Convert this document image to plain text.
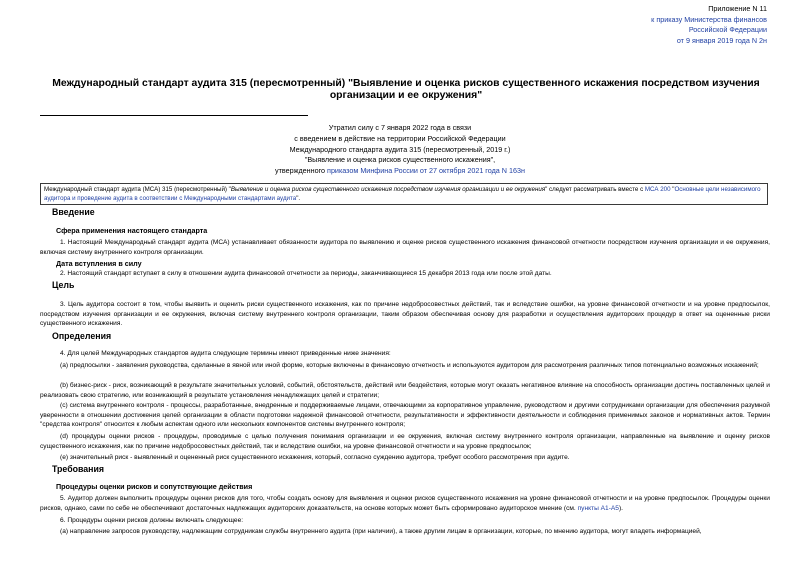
Приложение N 11
к приказу Министерства финансов
Российской Федерации
от 9 января 2019 года N 2н
Международный стандарт аудита 315 (пересмотренный) "Выявление и оценка рисков существенного искажения посредством изучения организации и ее окружения"
Утратил силу с 7 января 2022 года в связи
с введением в действие на территории Российской Федерации
Международного стандарта аудита 315 (пересмотренный, 2019 г.)
"Выявление и оценка рисков существенного искажения",
утвержденного приказом Минфина России от 27 октября 2021 года N 163н
Международный стандарт аудита (МСА) 315 (пересмотренный) "Выявление и оценка рисков существенного искажения посредством изучения организации и ее окружения" следует рассматривать вместе с МСА 200 "Основные цели независимого аудитора и проведение аудита в соответствии с Международными стандартами аудита".
Введение
Сфера применения настоящего стандарта
1. Настоящий Международный стандарт аудита (МСА) устанавливает обязанности аудитора по выявлению и оценке рисков существенного искажения финансовой отчетности посредством изучения организации и ее окружения, включая систему внутреннего контроля организации.
Дата вступления в силу
2. Настоящий стандарт вступает в силу в отношении аудита финансовой отчетности за периоды, заканчивающиеся 15 декабря 2013 года или после этой даты.
Цель
3. Цель аудитора состоит в том, чтобы выявить и оценить риски существенного искажения, как по причине недобросовестных действий, так и вследствие ошибки, на уровне финансовой отчетности и на уровне предпосылок, посредством изучения организации и ее окружения, включая систему внутреннего контроля организации, таким образом обеспечивая основу для разработки и осуществления аудиторских процедур в ответ на оцененные риски существенного искажения.
Определения
4. Для целей Международных стандартов аудита следующие термины имеют приведенные ниже значения:
(a) предпосылки - заявления руководства, сделанные в явной или иной форме, которые включены в финансовую отчетность и используются аудитором для рассмотрения различных типов потенциально возможных искажений;
(b) бизнес-риск - риск, возникающий в результате значительных условий, событий, обстоятельств, действий или бездействия, которые могут оказать негативное влияние на способность организации достичь поставленных целей и реализовать свою стратегию, или возникающий в результате установления ненадлежащих целей и стратегии;
(c) система внутреннего контроля - процессы, разработанные, внедренные и поддерживаемые лицами, отвечающими за корпоративное управление, руководством и другими сотрудниками организации для обеспечения разумной уверенности в отношении достижения целей организации в области подготовки надежной финансовой отчетности, результативности и эффективности деятельности и соблюдения применимых законов и нормативных актов. Термин "средства контроля" относится к любым аспектам одного или нескольких компонентов системы внутреннего контроля;
(d) процедуры оценки рисков - процедуры, проводимые с целью получения понимания организации и ее окружения, включая систему внутреннего контроля организации, направленные на выявление и оценку рисков существенного искажения, как по причине недобросовестных действий, так и вследствие ошибки, на уровне финансовой отчетности и на уровне предпосылок;
(e) значительный риск - выявленный и оцененный риск существенного искажения, который, согласно суждению аудитора, требует особого рассмотрения при аудите.
Требования
Процедуры оценки рисков и сопутствующие действия
5. Аудитор должен выполнить процедуры оценки рисков для того, чтобы создать основу для выявления и оценки рисков существенного искажения на уровне финансовой отчетности и на уровне предпосылок. Процедуры оценки рисков, однако, сами по себе не обеспечивают достаточных надлежащих аудиторских доказательств, на основе которых может быть сформировано аудиторское мнение (см. пункты A1-A5).
6. Процедуры оценки рисков должны включать следующее:
(a) направление запросов руководству, надлежащим сотрудникам службы внутреннего аудита (при наличии), а также другим лицам в организации, которые, по мнению аудитора, могут владеть информацией,
